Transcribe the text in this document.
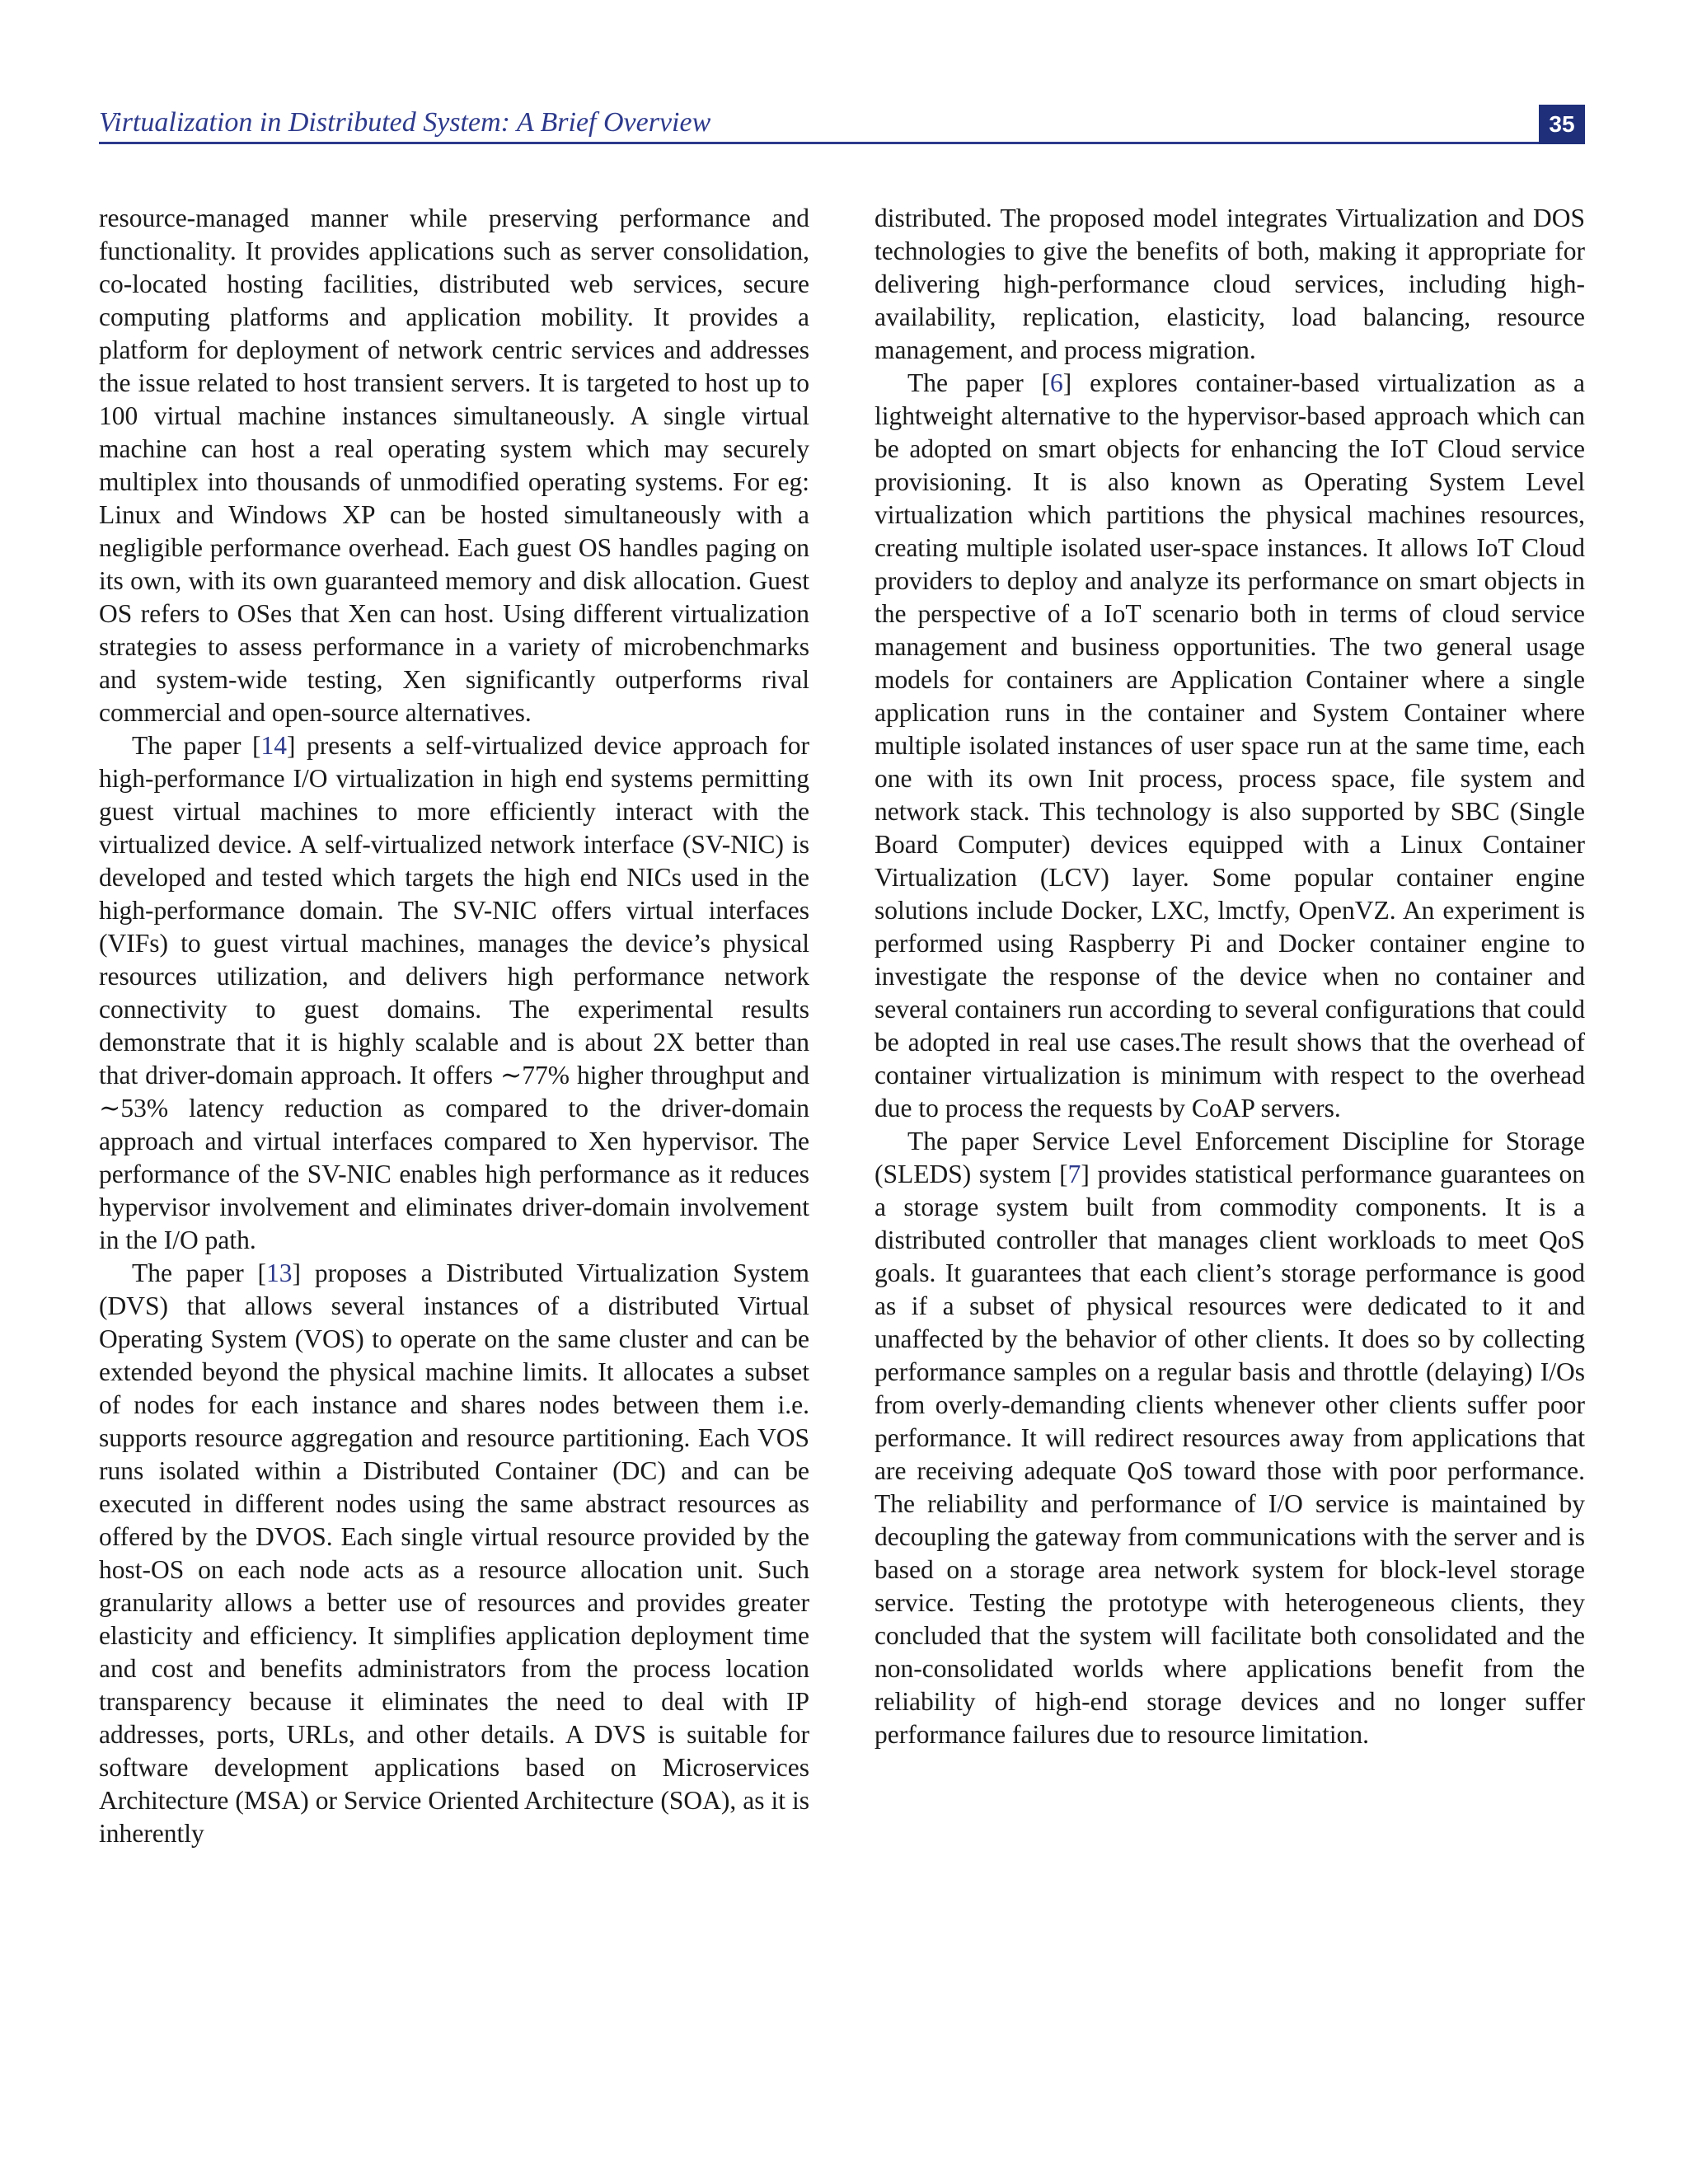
Virtualization in Distributed System: A Brief Overview	35

resource-managed manner while preserving performance and functionality. It provides applications such as server consolidation, co-located hosting facilities, distributed web services, secure computing platforms and application mobility. It provides a platform for deployment of network centric services and addresses the issue related to host transient servers. It is targeted to host up to 100 virtual machine instances simultaneously. A single virtual machine can host a real operating system which may securely multiplex into thousands of unmodified operating systems. For eg: Linux and Windows XP can be hosted simultaneously with a negligible performance overhead. Each guest OS handles paging on its own, with its own guaranteed memory and disk allocation. Guest OS refers to OSes that Xen can host. Using different virtualization strategies to assess performance in a variety of microbenchmarks and system-wide testing, Xen significantly outperforms rival commercial and open-source alternatives.

The paper [14] presents a self-virtualized device approach for high-performance I/O virtualization in high end systems permitting guest virtual machines to more efficiently interact with the virtualized device. A self-virtualized network interface (SV-NIC) is developed and tested which targets the high end NICs used in the high-performance domain. The SV-NIC offers virtual interfaces (VIFs) to guest virtual machines, manages the device’s physical resources utilization, and delivers high performance network connectivity to guest domains. The experimental results demonstrate that it is highly scalable and is about 2X better than that driver-domain approach. It offers ∼77% higher throughput and ∼53% latency reduction as compared to the driver-domain approach and virtual interfaces compared to Xen hypervisor. The performance of the SV-NIC enables high performance as it reduces hypervisor involvement and eliminates driver-domain involvement in the I/O path.

The paper [13] proposes a Distributed Virtualization System (DVS) that allows several instances of a distributed Virtual Operating System (VOS) to operate on the same cluster and can be extended beyond the physical machine limits. It allocates a subset of nodes for each instance and shares nodes between them i.e. supports resource aggregation and resource partitioning. Each VOS runs isolated within a Distributed Container (DC) and can be executed in different nodes using the same abstract resources as offered by the DVOS. Each single virtual resource provided by the host-OS on each node acts as a resource allocation unit. Such granularity allows a better use of resources and provides greater elasticity and efficiency. It simplifies application deployment time and cost and benefits administrators from the process location transparency because it eliminates the need to deal with IP addresses, ports, URLs, and other details. A DVS is suitable for software development applications based on Microservices Architecture (MSA) or Service Oriented Architecture (SOA), as it is inherently

distributed. The proposed model integrates Virtualization and DOS technologies to give the benefits of both, making it appropriate for delivering high-performance cloud services, including high-availability, replication, elasticity, load balancing, resource management, and process migration.

The paper [6] explores container-based virtualization as a lightweight alternative to the hypervisor-based approach which can be adopted on smart objects for enhancing the IoT Cloud service provisioning. It is also known as Operating System Level virtualization which partitions the physical machines resources, creating multiple isolated user-space instances. It allows IoT Cloud providers to deploy and analyze its performance on smart objects in the perspective of a IoT scenario both in terms of cloud service management and business opportunities. The two general usage models for containers are Application Container where a single application runs in the container and System Container where multiple isolated instances of user space run at the same time, each one with its own Init process, process space, file system and network stack. This technology is also supported by SBC (Single Board Computer) devices equipped with a Linux Container Virtualization (LCV) layer. Some popular container engine solutions include Docker, LXC, lmctfy, OpenVZ. An experiment is performed using Raspberry Pi and Docker container engine to investigate the response of the device when no container and several containers run according to several configurations that could be adopted in real use cases.The result shows that the overhead of container virtualization is minimum with respect to the overhead due to process the requests by CoAP servers.

The paper Service Level Enforcement Discipline for Storage (SLEDS) system [7] provides statistical performance guarantees on a storage system built from commodity components. It is a distributed controller that manages client workloads to meet QoS goals. It guarantees that each client’s storage performance is good as if a subset of physical resources were dedicated to it and unaffected by the behavior of other clients. It does so by collecting performance samples on a regular basis and throttle (delaying) I/Os from overly-demanding clients whenever other clients suffer poor performance. It will redirect resources away from applications that are receiving adequate QoS toward those with poor performance. The reliability and performance of I/O service is maintained by decoupling the gateway from communications with the server and is based on a storage area network system for block-level storage service. Testing the prototype with heterogeneous clients, they concluded that the system will facilitate both consolidated and the non-consolidated worlds where applications benefit from the reliability of high-end storage devices and no longer suffer performance failures due to resource limitation.
